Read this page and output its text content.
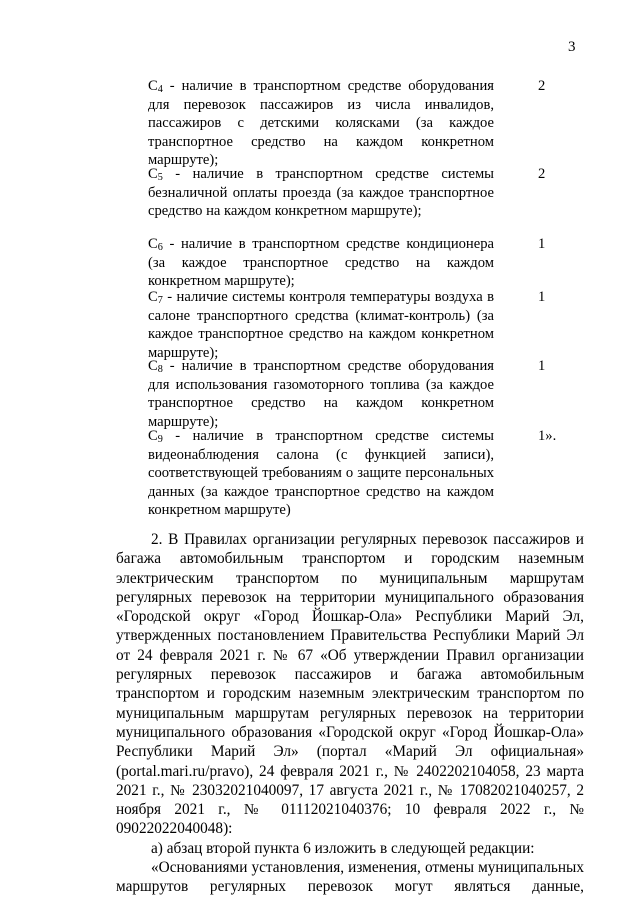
3
$C_4$ - наличие в транспортном средстве оборудования для перевозок пассажиров из числа инвалидов, пассажиров с детскими колясками (за каждое транспортное средство на каждом конкретном маршруте);
2
$C_5$ - наличие в транспортном средстве системы безналичной оплаты проезда (за каждое транспортное средство на каждом конкретном маршруте);
2
$C_6$ - наличие в транспортном средстве кондиционера (за каждое транспортное средство на каждом конкретном маршруте);
1
$C_7$ - наличие системы контроля температуры воздуха в салоне транспортного средства (климат-контроль) (за каждое транспортное средство на каждом конкретном маршруте);
1
$C_8$ - наличие в транспортном средстве оборудования для использования газомоторного топлива (за каждое транспортное средство на каждом конкретном маршруте);
1
$C_9$ - наличие в транспортном средстве системы видеонаблюдения салона (с функцией записи), соответствующей требованиям о защите персональных данных (за каждое транспортное средство на каждом конкретном маршруте)
1».

2. В Правилах организации регулярных перевозок пассажиров и багажа автомобильным транспортом и городским наземным электрическим транспортом по муниципальным маршрутам регулярных перевозок на территории муниципального образования «Городской округ «Город Йошкар-Ола» Республики Марий Эл, утвержденных постановлением Правительства Республики Марий Эл от 24 февраля 2021 г. № 67 «Об утверждении Правил организации регулярных перевозок пассажиров и багажа автомобильным транспортом и городским наземным электрическим транспортом по муниципальным маршрутам регулярных перевозок на территории муниципального образования «Городской округ «Город Йошкар-Ола» Республики Марий Эл» (портал «Марий Эл официальная» (portal.mari.ru/pravo), 24 февраля 2021 г., № 2402202104058, 23 марта 2021 г., № 23032021040097, 17 августа 2021 г., № 17082021040257, 2 ноября 2021 г., № 01112021040376; 10 февраля 2022 г., № 09022022040048):

а) абзац второй пункта 6 изложить в следующей редакции:

«Основаниями установления, изменения, отмены муниципальных маршрутов регулярных перевозок могут являться данные,
